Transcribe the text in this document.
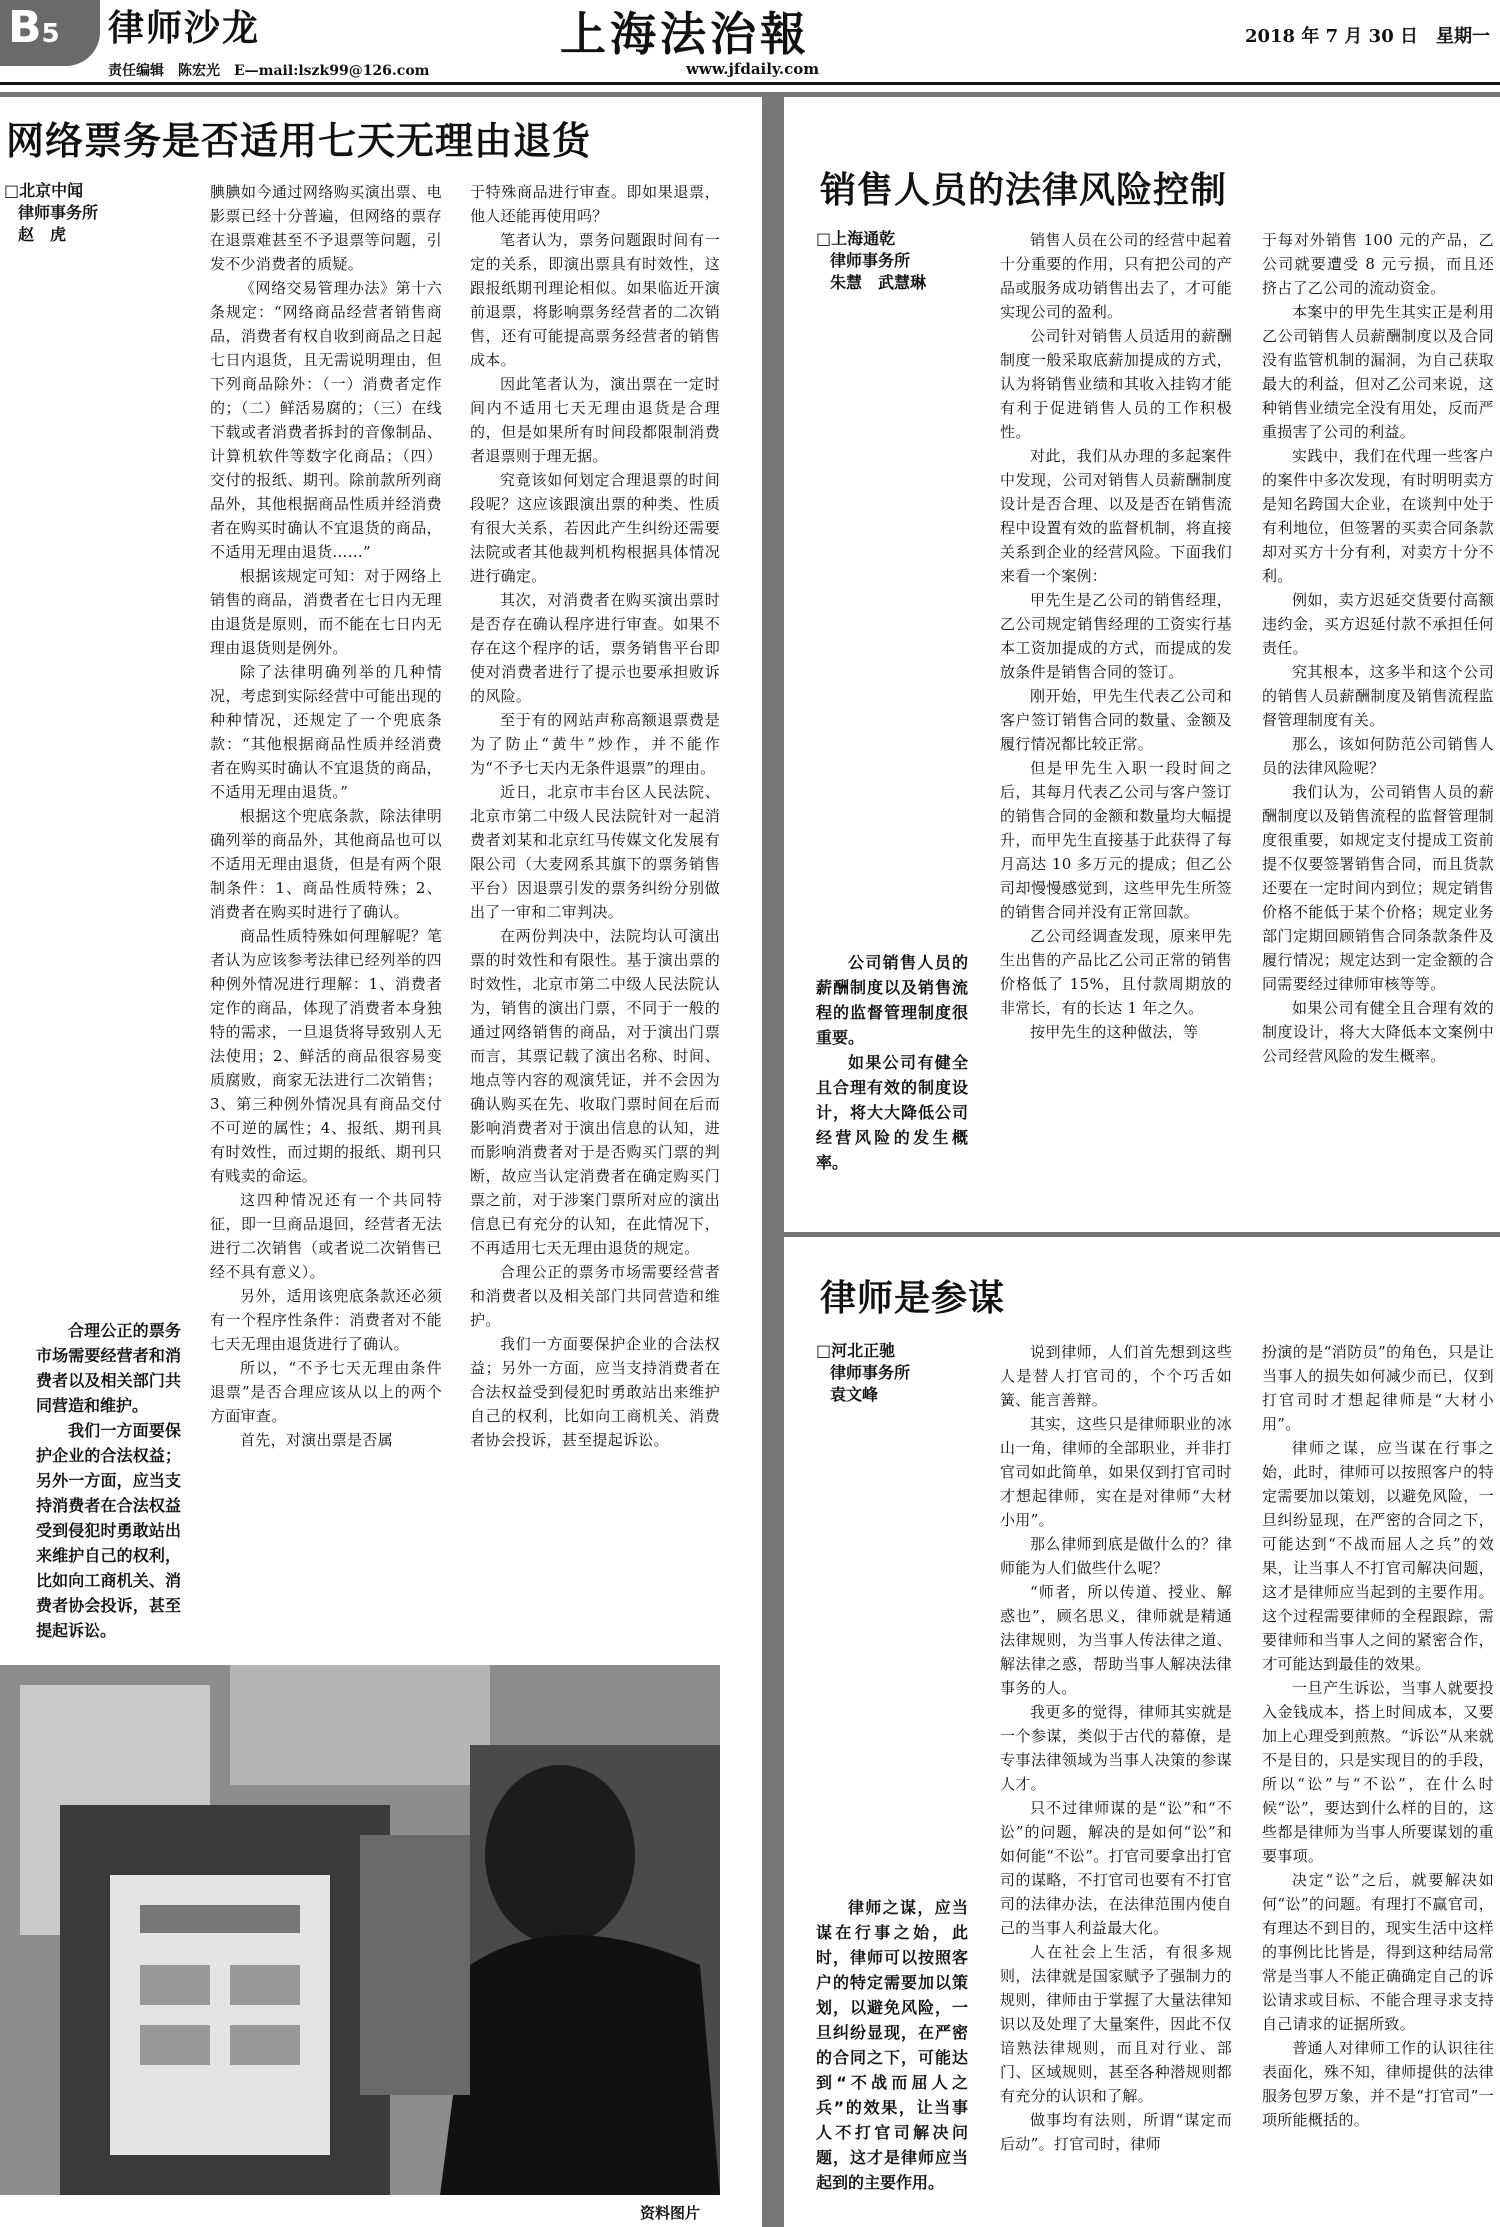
B5	律师沙龙
责任编辑　陈宏光　E—mail:lszk99@126.com
上海法治報
www.jfdaily.com
2018 年 7 月 30 日　星期一
网络票务是否适用七天无理由退货
□北京中闻
律师事务所
赵　虎

合理公正的票务市场需要经营者和消费者以及相关部门共同营造和维护。

我们一方面要保护企业的合法权益；另外一方面，应当支持消费者在合法权益受到侵犯时勇敢站出来维护自己的权利，比如向工商机关、消费者协会投诉，甚至提起诉讼。

腆腆如今通过网络购买演出票、电影票已经十分普遍，但网络的票存在退票难甚至不予退票等问题，引发不少消费者的质疑。

《网络交易管理办法》第十六条规定：“网络商品经营者销售商品，消费者有权自收到商品之日起七日内退货，且无需说明理由，但下列商品除外：（一）消费者定作的；（二）鲜活易腐的；（三）在线下载或者消费者拆封的音像制品、计算机软件等数字化商品；（四）交付的报纸、期刊。除前款所列商品外，其他根据商品性质并经消费者在购买时确认不宜退货的商品，不适用无理由退货……”

根据该规定可知：对于网络上销售的商品，消费者在七日内无理由退货是原则，而不能在七日内无理由退货则是例外。

除了法律明确列举的几种情况，考虑到实际经营中可能出现的种种情况，还规定了一个兜底条款：“其他根据商品性质并经消费者在购买时确认不宜退货的商品，不适用无理由退货。”

根据这个兜底条款，除法律明确列举的商品外，其他商品也可以不适用无理由退货，但是有两个限制条件：1、商品性质特殊；2、消费者在购买时进行了确认。

商品性质特殊如何理解呢？笔者认为应该参考法律已经列举的四种例外情况进行理解：1、消费者定作的商品，体现了消费者本身独特的需求，一旦退货将导致别人无法使用；2、鲜活的商品很容易变质腐败，商家无法进行二次销售；3、第三种例外情况具有商品交付不可逆的属性；4、报纸、期刊具有时效性，而过期的报纸、期刊只有贱卖的命运。

这四种情况还有一个共同特征，即一旦商品退回，经营者无法进行二次销售（或者说二次销售已经不具有意义）。

另外，适用该兜底条款还必须有一个程序性条件：消费者对不能七天无理由退货进行了确认。

所以，“不予七天无理由条件退票”是否合理应该从以上的两个方面审查。

首先，对演出票是否属

于特殊商品进行审查。即如果退票，他人还能再使用吗？

笔者认为，票务问题跟时间有一定的关系，即演出票具有时效性，这跟报纸期刊理论相似。如果临近开演前退票，将影响票务经营者的二次销售，还有可能提高票务经营者的销售成本。

因此笔者认为，演出票在一定时间内不适用七天无理由退货是合理的，但是如果所有时间段都限制消费者退票则于理无据。

究竟该如何划定合理退票的时间段呢？这应该跟演出票的种类、性质有很大关系，若因此产生纠纷还需要法院或者其他裁判机构根据具体情况进行确定。

其次，对消费者在购买演出票时是否存在确认程序进行审查。如果不存在这个程序的话，票务销售平台即使对消费者进行了提示也要承担败诉的风险。

至于有的网站声称高额退票费是为了防止“黄牛”炒作，并不能作为“不予七天内无条件退票”的理由。

近日，北京市丰台区人民法院、北京市第二中级人民法院针对一起消费者刘某和北京红马传媒文化发展有限公司（大麦网系其旗下的票务销售平台）因退票引发的票务纠纷分别做出了一审和二审判决。

在两份判决中，法院均认可演出票的时效性和有限性。基于演出票的时效性，北京市第二中级人民法院认为，销售的演出门票，不同于一般的通过网络销售的商品，对于演出门票而言，其票记载了演出名称、时间、地点等内容的观演凭证，并不会因为确认购买在先、收取门票时间在后而影响消费者对于演出信息的认知，进而影响消费者对于是否购买门票的判断，故应当认定消费者在确定购买门票之前，对于涉案门票所对应的演出信息已有充分的认知，在此情况下，不再适用七天无理由退货的规定。

合理公正的票务市场需要经营者和消费者以及相关部门共同营造和维护。

我们一方面要保护企业的合法权益；另外一方面，应当支持消费者在合法权益受到侵犯时勇敢站出来维护自己的权利，比如向工商机关、消费者协会投诉，甚至提起诉讼。

资料图片
销售人员的法律风险控制
□上海通乾
律师事务所
朱慧　武慧琳

公司销售人员的薪酬制度以及销售流程的监督管理制度很重要。

如果公司有健全且合理有效的制度设计，将大大降低公司经营风险的发生概率。

销售人员在公司的经营中起着十分重要的作用，只有把公司的产品或服务成功销售出去了，才可能实现公司的盈利。

公司针对销售人员适用的薪酬制度一般采取底薪加提成的方式，认为将销售业绩和其收入挂钩才能有利于促进销售人员的工作积极性。

对此，我们从办理的多起案件中发现，公司对销售人员薪酬制度设计是否合理、以及是否在销售流程中设置有效的监督机制，将直接关系到企业的经营风险。下面我们来看一个案例：

甲先生是乙公司的销售经理，乙公司规定销售经理的工资实行基本工资加提成的方式，而提成的发放条件是销售合同的签订。

刚开始，甲先生代表乙公司和客户签订销售合同的数量、金额及履行情况都比较正常。

但是甲先生入职一段时间之后，其每月代表乙公司与客户签订的销售合同的金额和数量均大幅提升，而甲先生直接基于此获得了每月高达 10 多万元的提成；但乙公司却慢慢感觉到，这些甲先生所签的销售合同并没有正常回款。

乙公司经调查发现，原来甲先生出售的产品比乙公司正常的销售价格低了 15%，且付款周期放的非常长，有的长达 1 年之久。

按甲先生的这种做法，等

于每对外销售 100 元的产品，乙公司就要遭受 8 元亏损，而且还挤占了乙公司的流动资金。

本案中的甲先生其实正是利用乙公司销售人员薪酬制度以及合同没有监管机制的漏洞，为自己获取最大的利益，但对乙公司来说，这种销售业绩完全没有用处，反而严重损害了公司的利益。

实践中，我们在代理一些客户的案件中多次发现，有时明明卖方是知名跨国大企业，在谈判中处于有利地位，但签署的买卖合同条款却对买方十分有利，对卖方十分不利。

例如，卖方迟延交货要付高额违约金，买方迟延付款不承担任何责任。

究其根本，这多半和这个公司的销售人员薪酬制度及销售流程监督管理制度有关。

那么，该如何防范公司销售人员的法律风险呢？

我们认为，公司销售人员的薪酬制度以及销售流程的监督管理制度很重要，如规定支付提成工资前提不仅要签署销售合同，而且货款还要在一定时间内到位；规定销售价格不能低于某个价格；规定业务部门定期回顾销售合同条款条件及履行情况；规定达到一定金额的合同需要经过律师审核等等。

如果公司有健全且合理有效的制度设计，将大大降低本文案例中公司经营风险的发生概率。

律师是参谋
□河北正驰
律师事务所
袁文峰

律师之谋，应当谋在行事之始，此时，律师可以按照客户的特定需要加以策划，以避免风险，一旦纠纷显现，在严密的合同之下，可能达到“不战而屈人之兵”的效果，让当事人不打官司解决问题，这才是律师应当起到的主要作用。

说到律师，人们首先想到这些人是替人打官司的，个个巧舌如簧、能言善辩。

其实，这些只是律师职业的冰山一角，律师的全部职业，并非打官司如此简单，如果仅到打官司时才想起律师，实在是对律师“大材小用”。

那么律师到底是做什么的？律师能为人们做些什么呢？

“师者，所以传道、授业、解惑也”，顾名思义，律师就是精通法律规则，为当事人传法律之道、解法律之惑，帮助当事人解决法律事务的人。

我更多的觉得，律师其实就是一个参谋，类似于古代的幕僚，是专事法律领域为当事人决策的参谋人才。

只不过律师谋的是“讼”和“不讼”的问题，解决的是如何“讼”和如何能“不讼”。打官司要拿出打官司的谋略，不打官司也要有不打官司的法律办法，在法律范围内使自己的当事人利益最大化。

人在社会上生活，有很多规则，法律就是国家赋予了强制力的规则，律师由于掌握了大量法律知识以及处理了大量案件，因此不仅谙熟法律规则，而且对行业、部门、区域规则，甚至各种潜规则都有充分的认识和了解。

做事均有法则，所谓“谋定而后动”。打官司时，律师

扮演的是“消防员”的角色，只是让当事人的损失如何减少而已，仅到打官司时才想起律师是“大材小用”。

律师之谋，应当谋在行事之始，此时，律师可以按照客户的特定需要加以策划，以避免风险，一旦纠纷显现，在严密的合同之下，可能达到“不战而屈人之兵”的效果，让当事人不打官司解决问题，这才是律师应当起到的主要作用。这个过程需要律师的全程跟踪，需要律师和当事人之间的紧密合作，才可能达到最佳的效果。

一旦产生诉讼，当事人就要投入金钱成本，搭上时间成本，又要加上心理受到煎熬。“诉讼”从来就不是目的，只是实现目的的手段，所以“讼”与“不讼”，在什么时候“讼”，要达到什么样的目的，这些都是律师为当事人所要谋划的重要事项。

决定“讼”之后，就要解决如何“讼”的问题。有理打不赢官司，有理达不到目的，现实生活中这样的事例比比皆是，得到这种结局常常是当事人不能正确确定自己的诉讼请求或目标、不能合理寻求支持自己请求的证据所致。

普通人对律师工作的认识往往表面化，殊不知，律师提供的法律服务包罗万象，并不是“打官司”一项所能概括的。
